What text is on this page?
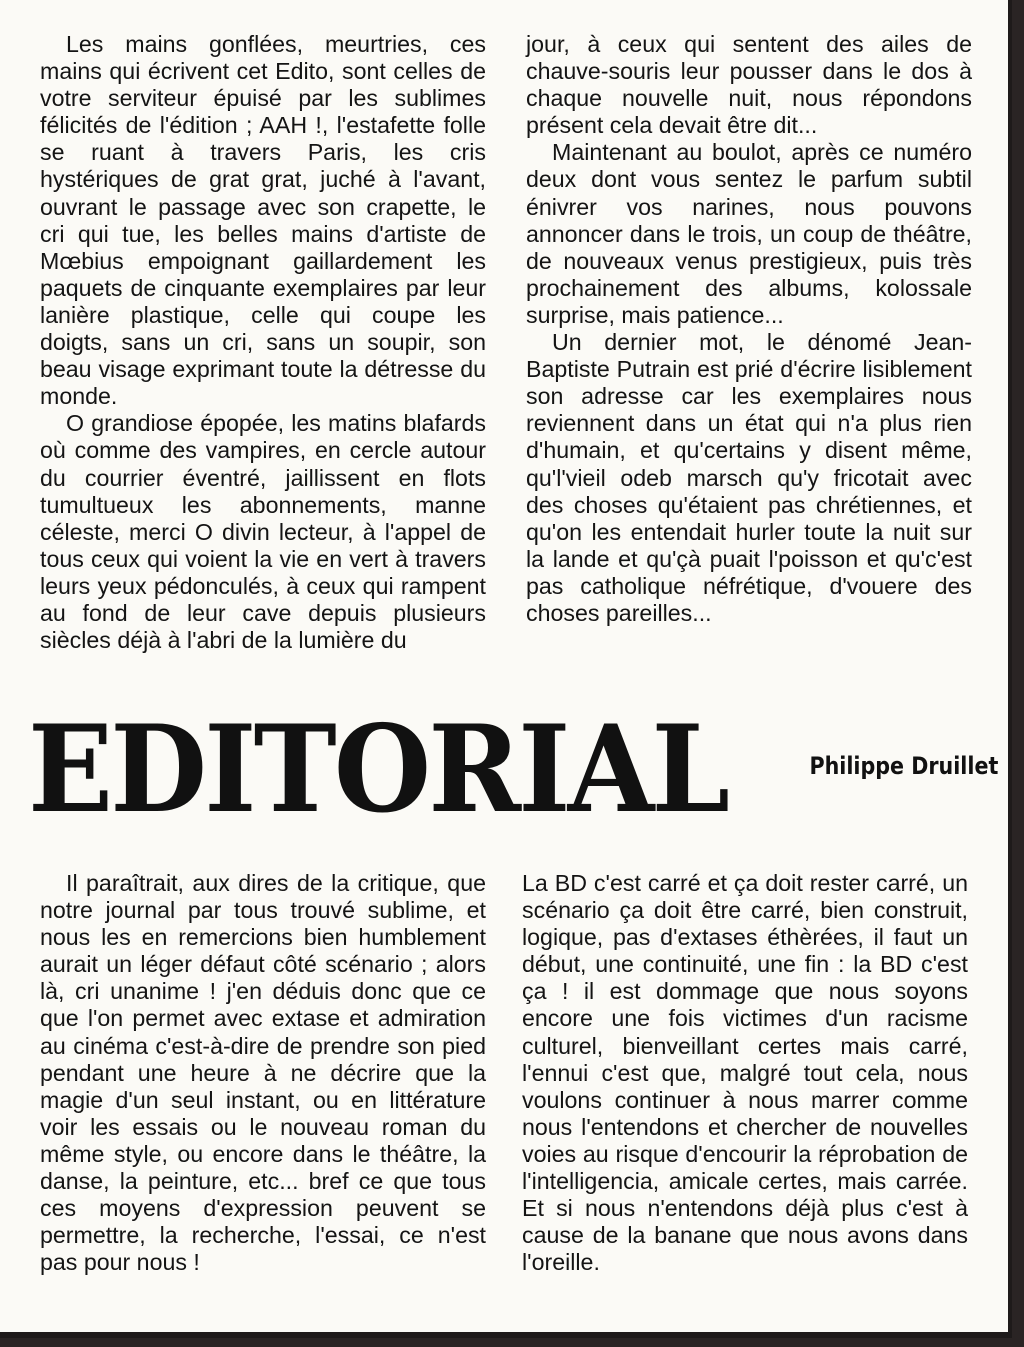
Les mains gonflées, meurtries, ces mains qui écrivent cet Edito, sont celles de votre serviteur épuisé par les sublimes félicités de l'édition ; AAH !, l'estafette folle se ruant à travers Paris, les cris hystériques de grat grat, juché à l'avant, ouvrant le passage avec son crapette, le cri qui tue, les belles mains d'artiste de Mœbius empoignant gaillardement les paquets de cinquante exemplaires par leur lanière plastique, celle qui coupe les doigts, sans un cri, sans un soupir, son beau visage exprimant toute la détresse du monde.

O grandiose épopée, les matins blafards où comme des vampires, en cercle autour du courrier éventré, jaillissent en flots tumultueux les abonnements, manne céleste, merci O divin lecteur, à l'appel de tous ceux qui voient la vie en vert à travers leurs yeux pédonculés, à ceux qui rampent au fond de leur cave depuis plusieurs siècles déjà à l'abri de la lumière du

jour, à ceux qui sentent des ailes de chauve-souris leur pousser dans le dos à chaque nouvelle nuit, nous répondons présent cela devait être dit...

Maintenant au boulot, après ce numéro deux dont vous sentez le parfum subtil énivrer vos narines, nous pouvons annoncer dans le trois, un coup de théâtre, de nouveaux venus prestigieux, puis très prochainement des albums, kolossale surprise, mais patience...

Un dernier mot, le dénomé Jean-Baptiste Putrain est prié d'écrire lisiblement son adresse car les exemplaires nous reviennent dans un état qui n'a plus rien d'humain, et qu'certains y disent même, qu'l'vieil odeb marsch qu'y fricotait avec des choses qu'étaient pas chrétiennes, et qu'on les entendait hurler toute la nuit sur la lande et qu'çà puait l'poisson et qu'c'est pas catholique néfrétique, d'vouere des choses pareilles...

EDITORIAL	Philippe Druillet

Il paraîtrait, aux dires de la critique, que notre journal par tous trouvé sublime, et nous les en remercions bien humblement aurait un léger défaut côté scénario ; alors là, cri unanime ! j'en déduis donc que ce que l'on permet avec extase et admiration au cinéma c'est-à-dire de prendre son pied pendant une heure à ne décrire que la magie d'un seul instant, ou en littérature voir les essais ou le nouveau roman du même style, ou encore dans le théâtre, la danse, la peinture, etc... bref ce que tous ces moyens d'expression peuvent se permettre, la recherche, l'essai, ce n'est pas pour nous !

La BD c'est carré et ça doit rester carré, un scénario ça doit être carré, bien construit, logique, pas d'extases éthèrées, il faut un début, une continuité, une fin : la BD c'est ça ! il est dommage que nous soyons encore une fois victimes d'un racisme culturel, bienveillant certes mais carré, l'ennui c'est que, malgré tout cela, nous voulons continuer à nous marrer comme nous l'entendons et chercher de nouvelles voies au risque d'encourir la réprobation de l'intelligencia, amicale certes, mais carrée. Et si nous n'entendons déjà plus c'est à cause de la banane que nous avons dans l'oreille.
